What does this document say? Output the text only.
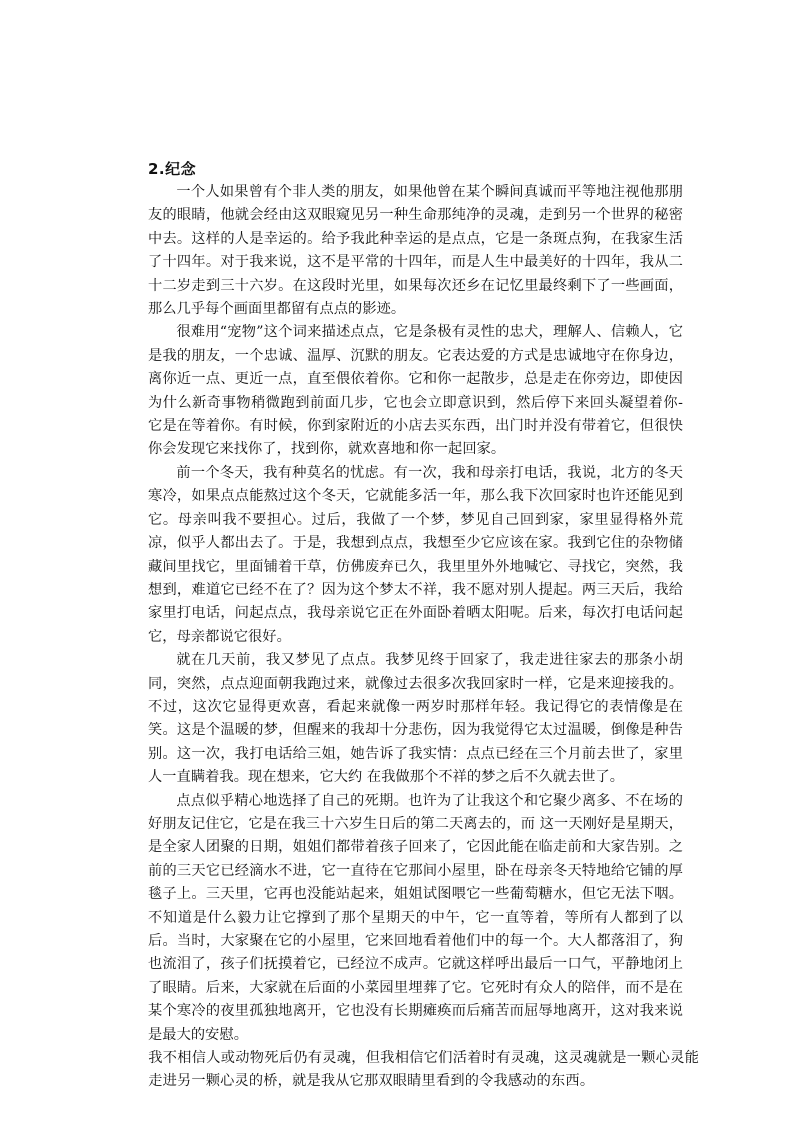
2.纪念

一个人如果曾有个非人类的朋友，如果他曾在某个瞬间真诚而平等地注视他那朋友的眼睛，他就会经由这双眼窥见另一种生命那纯净的灵魂，走到另一个世界的秘密中去。这样的人是幸运的。给予我此种幸运的是点点，它是一条斑点狗，在我家生活了十四年。对于我来说，这不是平常的十四年，而是人生中最美好的十四年，我从二十二岁走到三十六岁。在这段时光里，如果每次还乡在记忆里最终剩下了一些画面，那么几乎每个画面里都留有点点的影迹。

很难用“宠物”这个词来描述点点，它是条极有灵性的忠犬，理解人、信赖人，它是我的朋友，一个忠诚、温厚、沉默的朋友。它表达爱的方式是忠诚地守在你身边，离你近一点、更近一点，直至偎依着你。它和你一起散步，总是走在你旁边，即使因为什么新奇事物稍微跑到前面几步，它也会立即意识到，然后停下来回头凝望着你- 它是在等着你。有时候，你到家附近的小店去买东西，出门时并没有带着它，但很快你会发现它来找你了，找到你，就欢喜地和你一起回家。

前一个冬天，我有种莫名的忧虑。有一次，我和母亲打电话，我说，北方的冬天寒冷，如果点点能熬过这个冬天，它就能多活一年，那么我下次回家时也许还能见到它。母亲叫我不要担心。过后，我做了一个梦，梦见自己回到家，家里显得格外荒凉，似乎人都出去了。于是，我想到点点，我想至少它应该在家。我到它住的杂物储藏间里找它，里面铺着干草，仿佛废弃已久，我里里外外地喊它、寻找它，突然，我想到，难道它已经不在了？因为这个梦太不祥，我不愿对别人提起。两三天后，我给家里打电话，问起点点，我母亲说它正在外面卧着晒太阳呢。后来，每次打电话问起它，母亲都说它很好。

就在几天前，我又梦见了点点。我梦见终于回家了，我走进往家去的那条小胡同，突然，点点迎面朝我跑过来，就像过去很多次我回家时一样，它是来迎接我的。不过，这次它显得更欢喜，看起来就像一两岁时那样年轻。我记得它的表情像是在笑。这是个温暖的梦，但醒来的我却十分悲伤，因为我觉得它太过温暖，倒像是种告别。这一次，我打电话给三姐，她告诉了我实情：点点已经在三个月前去世了，家里人一直瞒着我。现在想来，它大约 在我做那个不祥的梦之后不久就去世了。

点点似乎精心地选择了自己的死期。也许为了让我这个和它聚少离多、不在场的好朋友记住它，它是在我三十六岁生日后的第二天离去的，而 这一天刚好是星期天，是全家人团聚的日期，姐姐们都带着孩子回来了，它因此能在临走前和大家告别。之前的三天它已经滴水不进，它一直待在它那间小屋里，卧在母亲冬天特地给它铺的厚毯子上。三天里，它再也没能站起来，姐姐试图喂它一些葡萄糖水，但它无法下咽。不知道是什么毅力让它撑到了那个星期天的中午，它一直等着，等所有人都到了以后。当时，大家聚在它的小屋里，它来回地看着他们中的每一个。大人都落泪了，狗也流泪了，孩子们抚摸着它，已经泣不成声。它就这样呼出最后一口气，平静地闭上了眼睛。后来，大家就在后面的小菜园里埋葬了它。它死时有众人的陪伴，而不是在某个寒冷的夜里孤独地离开，它也没有长期瘫痪而后痛苦而屈辱地离开，这对我来说是最大的安慰。

我不相信人或动物死后仍有灵魂，但我相信它们活着时有灵魂，这灵魂就是一颗心灵能走进另一颗心灵的桥，就是我从它那双眼睛里看到的令我感动的东西。
